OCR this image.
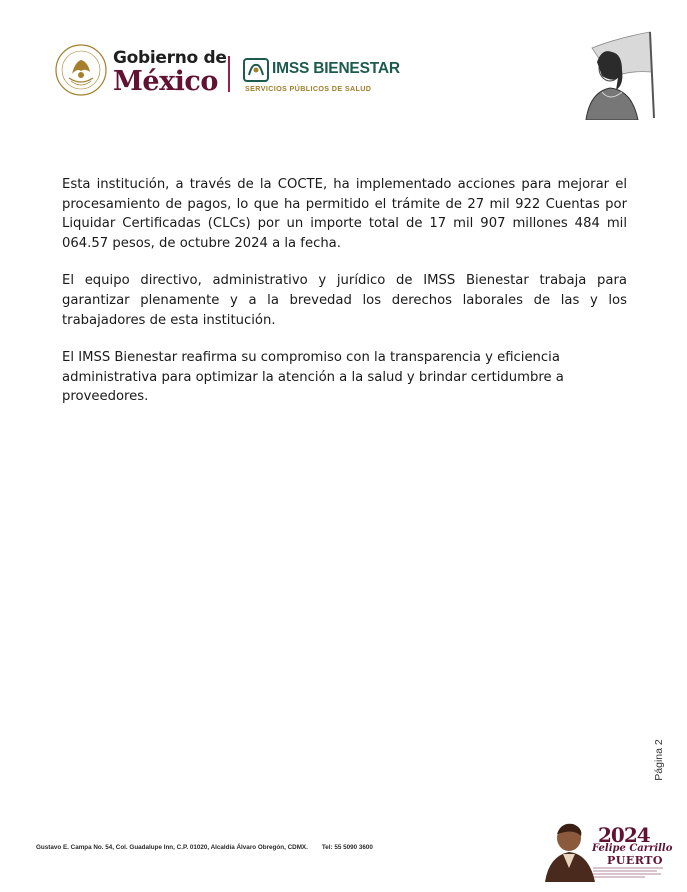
Gobierno de
México	IMSS BIENESTAR
SERVICIOS PÚBLICOS DE SALUD

Esta institución, a través de la COCTE, ha implementado acciones para mejorar el procesamiento de pagos, lo que ha permitido el trámite de 27 mil 922 Cuentas por Liquidar Certificadas (CLCs) por un importe total de 17 mil 907 millones 484 mil 064.57 pesos, de octubre 2024 a la fecha.

El equipo directivo, administrativo y jurídico de IMSS Bienestar trabaja para garantizar plenamente y a la brevedad los derechos laborales de las y los trabajadores de esta institución.

El IMSS Bienestar reafirma su compromiso con la transparencia y eficiencia administrativa para optimizar la atención a la salud y brindar certidumbre a proveedores.

Página 2
Gustavo E. Campa No. 54, Col. Guadalupe Inn, C.P. 01020, Alcaldía Álvaro Obregón, CDMX. Tel: 55 5090 3600
2024
Felipe Carrillo
PUERTO
